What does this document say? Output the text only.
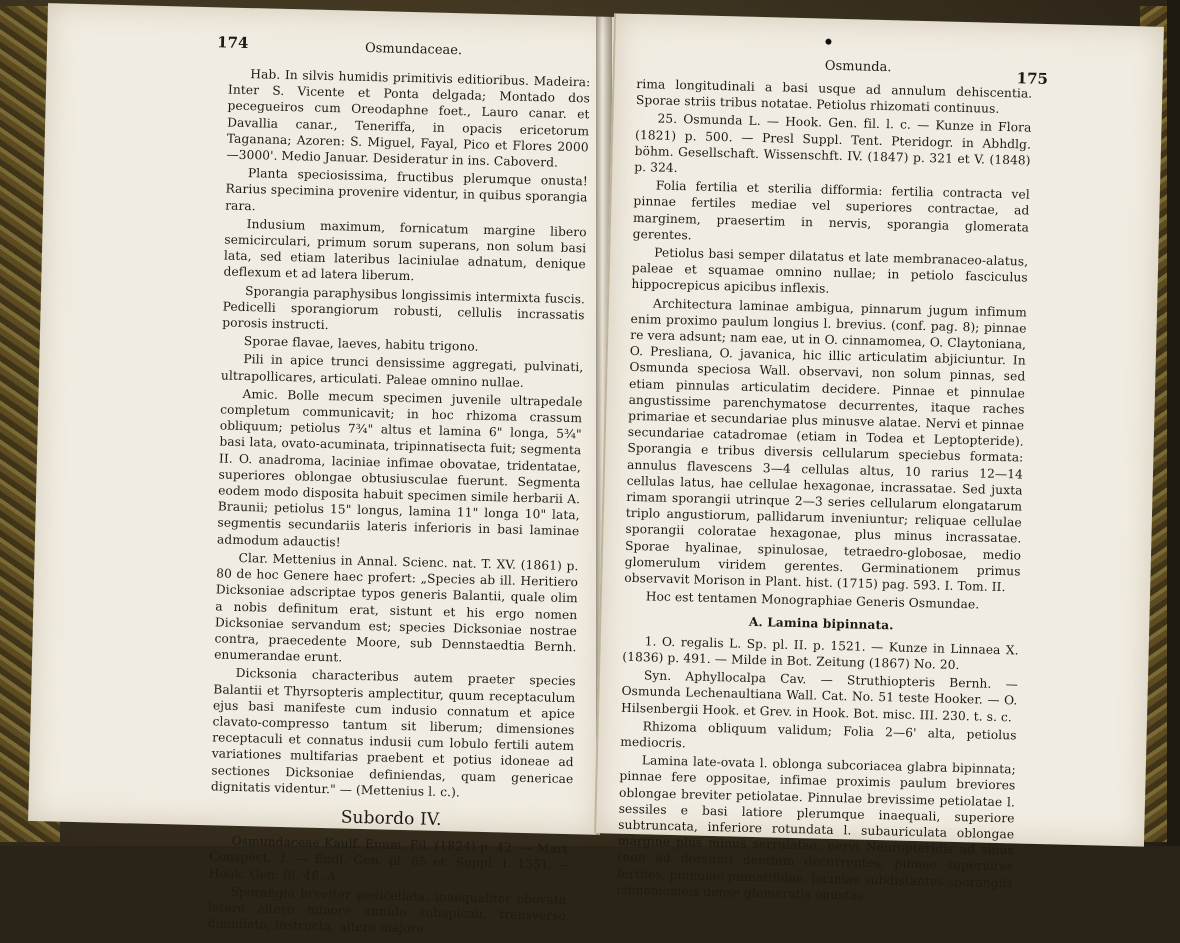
174	Osmundaceae.

Hab. In silvis humidis primitivis editioribus. Madeira: Inter S. Vicente et Ponta delgada; Montado dos pecegueiros cum Oreodaphne foet., Lauro canar. et Davallia canar., Teneriffa, in opacis ericetorum Taganana; Azoren: S. Miguel, Fayal, Pico et Flores 2000—3000'. Medio Januar. Desideratur in ins. Caboverd.

Planta speciosissima, fructibus plerumque onusta! Rarius specimina provenire videntur, in quibus sporangia rara.

Indusium maximum, fornicatum margine libero semicirculari, primum sorum superans, non solum basi lata, sed etiam lateribus laciniulae adnatum, denique deflexum et ad latera liberum.

Sporangia paraphysibus longissimis intermixta fuscis. Pedicelli sporangiorum robusti, cellulis incrassatis porosis instructi.

Sporae flavae, laeves, habitu trigono.

Pili in apice trunci densissime aggregati, pulvinati, ultrapollicares, articulati. Paleae omnino nullae.

Amic. Bolle mecum specimen juvenile ultrapedale completum communicavit; in hoc rhizoma crassum obliquum; petiolus 7¾" altus et lamina 6" longa, 5¾" basi lata, ovato-acuminata, tripinnatisecta fuit; segmenta II. O. anadroma, laciniae infimae obovatae, tridentatae, superiores oblongae obtusiusculae fuerunt. Segmenta eodem modo disposita habuit specimen simile herbarii A. Braunii; petiolus 15" longus, lamina 11" longa 10" lata, segmentis secundariis lateris inferioris in basi laminae admodum adauctis!

Clar. Mettenius in Annal. Scienc. nat. T. XV. (1861) p. 80 de hoc Genere haec profert: „Species ab ill. Heritiero Dicksoniae adscriptae typos generis Balantii, quale olim a nobis definitum erat, sistunt et his ergo nomen Dicksoniae servandum est; species Dicksoniae nostrae contra, praecedente Moore, sub Dennstaedtia Bernh. enumerandae erunt.

Dicksonia characteribus autem praeter species Balantii et Thyrsopteris amplectitur, quum receptaculum ejus basi manifeste cum indusio connatum et apice clavato-compresso tantum sit liberum; dimensiones receptaculi et connatus indusii cum lobulo fertili autem variationes multifarias praebent et potius idoneae ad sectiones Dicksoniae definiendas, quam genericae dignitatis videntur." — (Mettenius l. c.).

Subordo IV.

Osmundaceae Kaulf. Enum. Fil. (1824) p. 42. — Mart. Conspect. 3. — Endl. Gen. pl. 65 et. Suppl. I. 1351. — Hook. Gen. fil. 46. A.

Sporangia breviter pedicellata, inaequaliter obovata, latere altero minore annulo subapicali, transverso, dimidiato, instructa, altero majore

Osmunda.
175

rima longitudinali a basi usque ad annulum dehiscentia. Sporae striis tribus notatae. Petiolus rhizomati continuus.

25. Osmunda L. — Hook. Gen. fil. l. c. — Kunze in Flora (1821) p. 500. — Presl Suppl. Tent. Pteridogr. in Abhdlg. böhm. Gesellschaft. Wissenschft. IV. (1847) p. 321 et V. (1848) p. 324.

Folia fertilia et sterilia difformia: fertilia contracta vel pinnae fertiles mediae vel superiores contractae, ad marginem, praesertim in nervis, sporangia glomerata gerentes.

Petiolus basi semper dilatatus et late membranaceo-alatus, paleae et squamae omnino nullae; in petiolo fasciculus hippocrepicus apicibus inflexis.

Architectura laminae ambigua, pinnarum jugum infimum enim proximo paulum longius l. brevius. (conf. pag. 8); pinnae re vera adsunt; nam eae, ut in O. cinnamomea, O. Claytoniana, O. Presliana, O. javanica, hic illic articulatim abjiciuntur. In Osmunda speciosa Wall. observavi, non solum pinnas, sed etiam pinnulas articulatim decidere. Pinnae et pinnulae angustissime parenchymatose decurrentes, itaque raches primariae et secundariae plus minusve alatae. Nervi et pinnae secundariae catadromae (etiam in Todea et Leptopteride). Sporangia e tribus diversis cellularum speciebus formata: annulus flavescens 3—4 cellulas altus, 10 rarius 12—14 cellulas latus, hae cellulae hexagonae, incrassatae. Sed juxta rimam sporangii utrinque 2—3 series cellularum elongatarum triplo angustiorum, pallidarum inveniuntur; reliquae cellulae sporangii coloratae hexagonae, plus minus incrassatae. Sporae hyalinae, spinulosae, tetraedro-globosae, medio glomerulum viridem gerentes. Germinationem primus observavit Morison in Plant. hist. (1715) pag. 593. I. Tom. II.

Hoc est tentamen Monographiae Generis Osmundae.

A. Lamina bipinnata.

1. O. regalis L. Sp. pl. II. p. 1521. — Kunze in Linnaea X. (1836) p. 491. — Milde in Bot. Zeitung (1867) No. 20.

Syn. Aphyllocalpa Cav. — Struthiopteris Bernh. — Osmunda Lechenaultiana Wall. Cat. No. 51 teste Hooker. — O. Hilsenbergii Hook. et Grev. in Hook. Bot. misc. III. 230. t. s. c.

Rhizoma obliquum validum; Folia 2—6' alta, petiolus mediocris.

Lamina late-ovata l. oblonga subcoriacea glabra bipinnata; pinnae fere oppositae, infimae proximis paulum breviores oblongae breviter petiolatae. Pinnulae brevissime petiolatae l. sessiles e basi latiore plerumque inaequali, superiore subtruncata, inferiore rotundata l. subauriculata oblongae margine plus minus serrulatae; nervi Neuropteridis ad sinus (non ad dorsum) dentium decurrentes; pinnae superiores fertiles, pinnulae pinnatifidae, laciniae subdistantes sporangiis cinnamomeis dense glomeratis onustae.
